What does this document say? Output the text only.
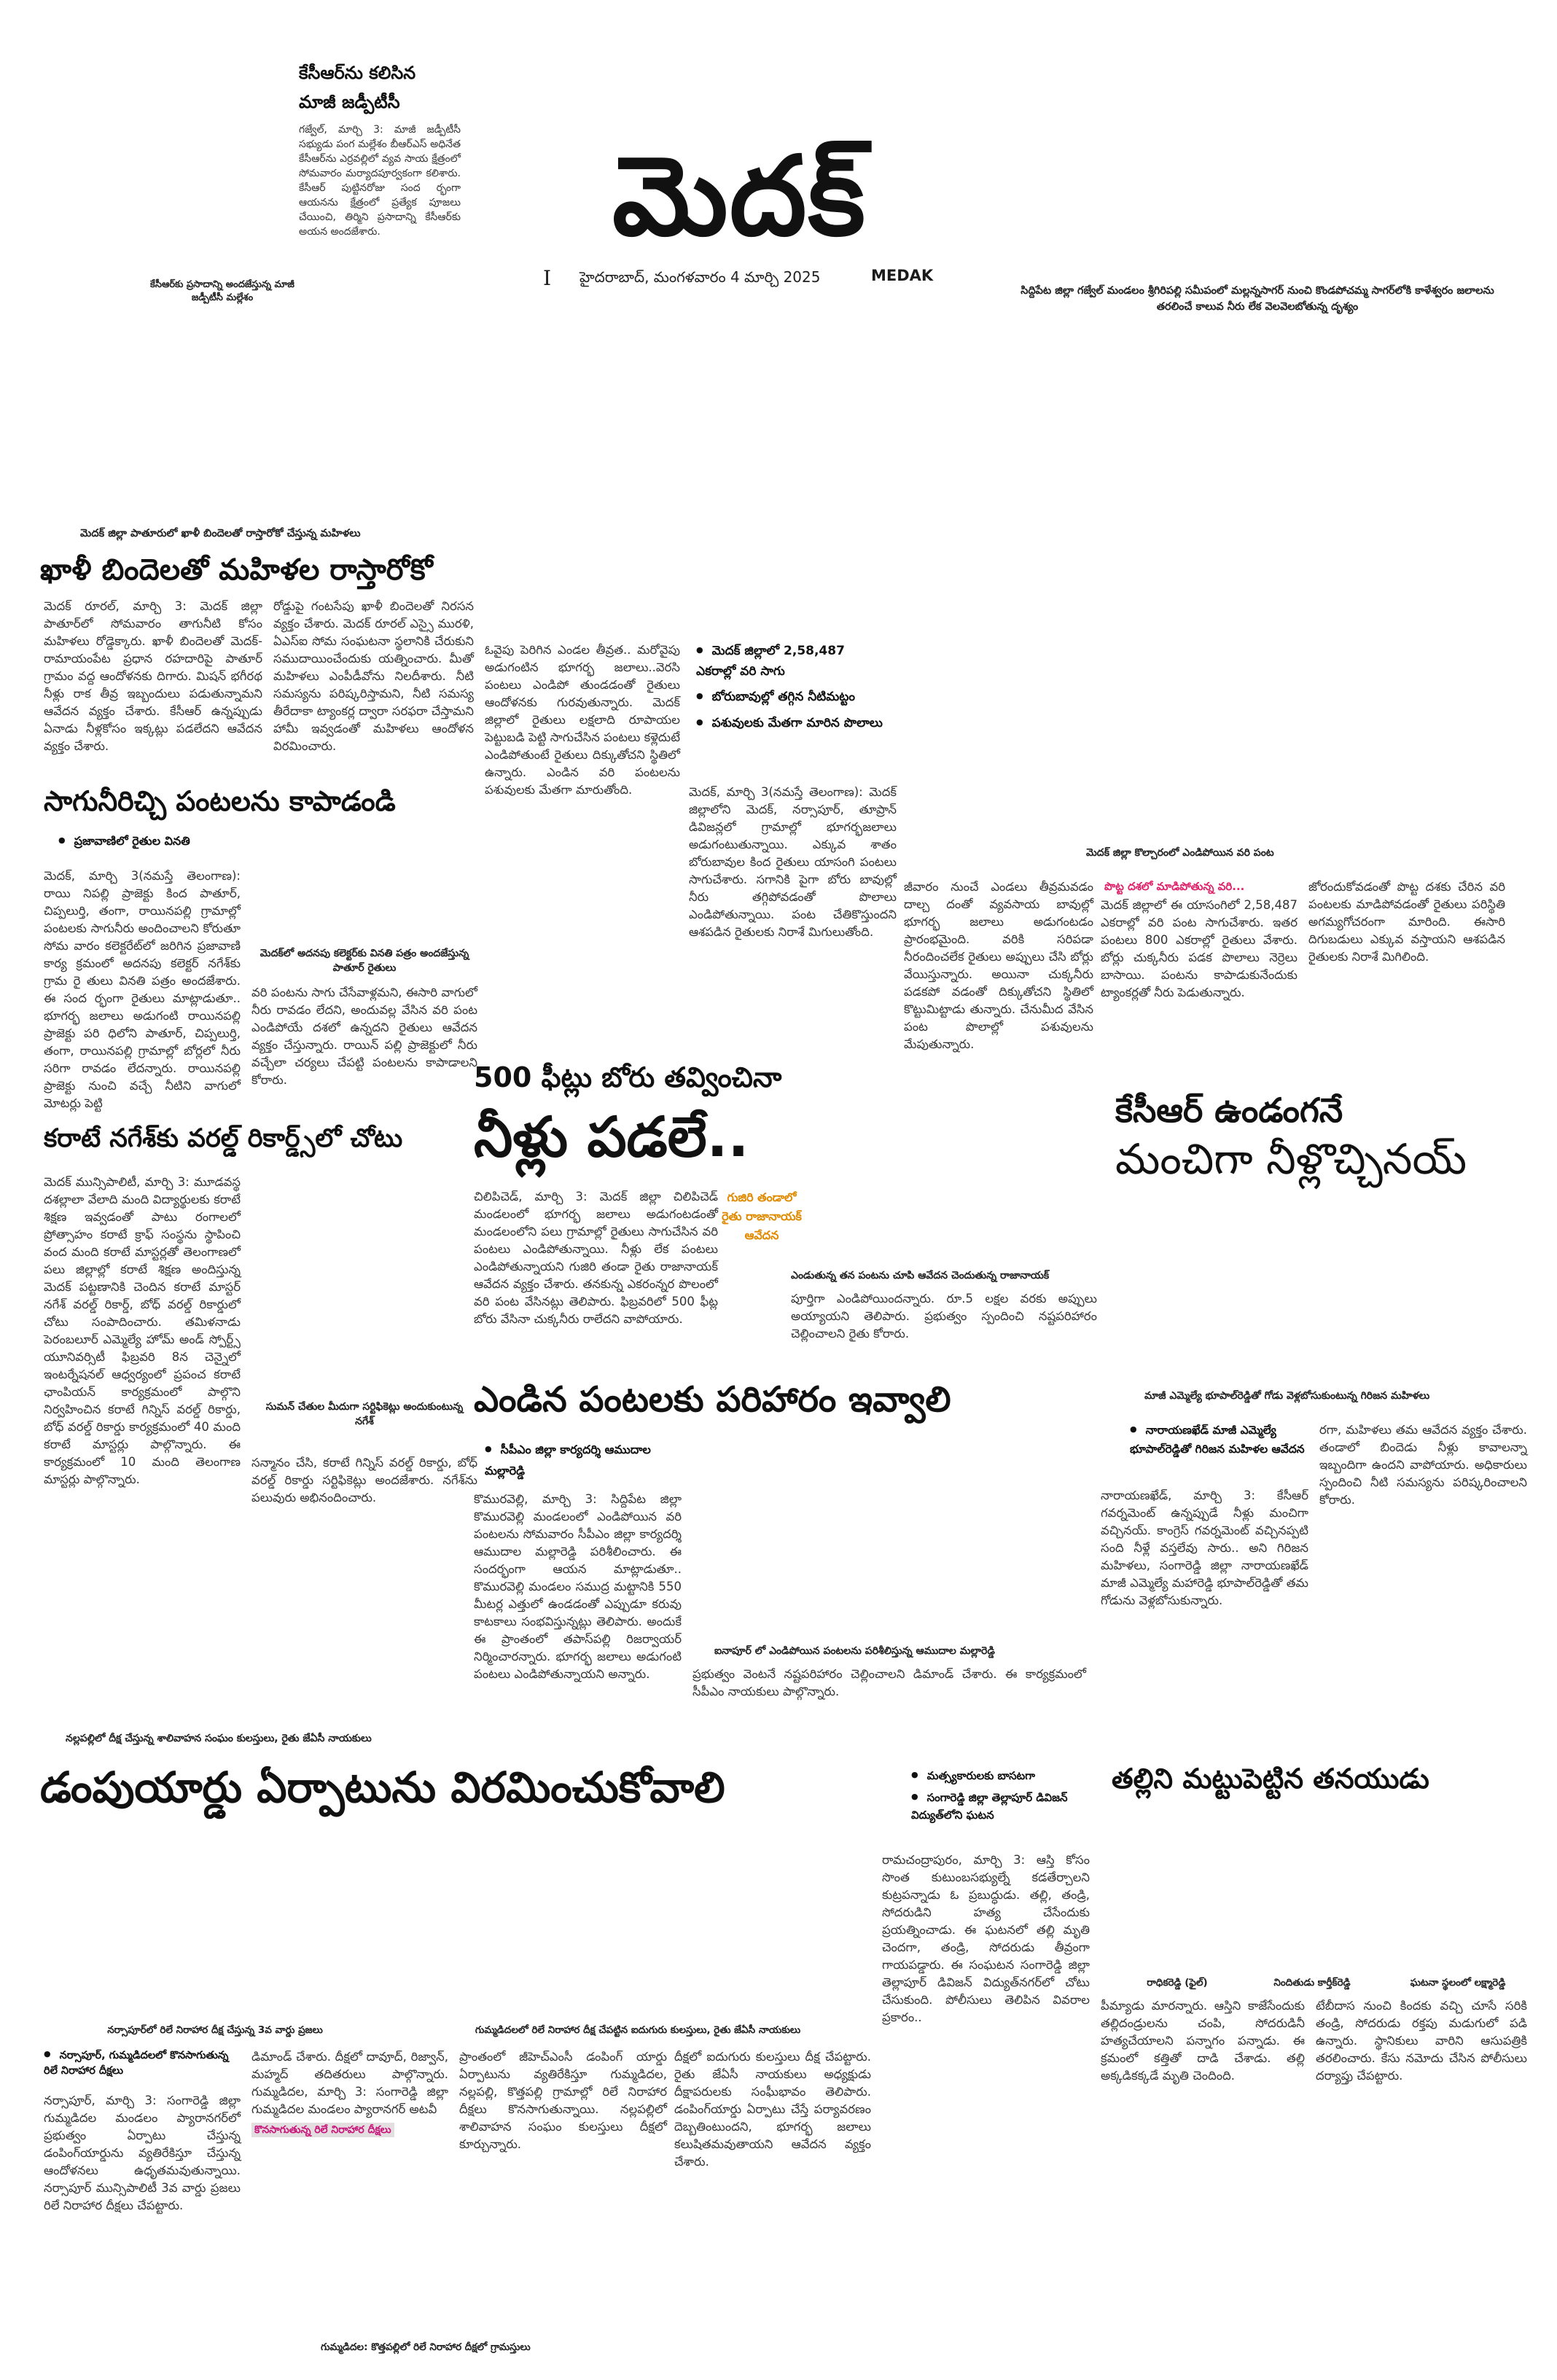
మెదక్
I హైదరాబాద్, మంగళవారం 4 మార్చి 2025	MEDAK
కేసీఆర్‌ను కలిసిన
మాజీ జడ్పీటీసీ
గజ్వేల్‌, మార్చి 3: మాజీ జడ్పీటీసీ సభ్యుడు పంగ మల్లేశం బీఆర్‌ఎస్‌ అధినేత కేసీఆర్‌ను ఎర్రవల్లిలో వ్యవ సాయ క్షేత్రంలో సోమవారం మర్యాదపూర్వకంగా కలిశారు. కేసీఆర్‌ పుట్టినరోజు సంద ర్భంగా ఆయనను క్షేత్రంలో ప్రత్యేక పూజలు చేయించి, తిర్మిని ప్రసాదాన్ని కేసీఆర్‌కు అయన అందజేశారు.
కేసీఆర్‌కు ప్రసాదాన్ని అందజేస్తున్న మాజీ జడ్పీటీసీ మల్లేశం
సిద్దిపేట జిల్లా గజ్వేల్‌ మండలం శ్రీగిరిపల్లి సమీపంలో మల్లన్నసాగర్‌ నుంచి కొండపోచమ్మ సాగర్‌లోకి కాళేశ్వరం జలాలను తరలించే కాలువ నీరు లేక వెలవెలబోతున్న దృశ్యం
మెదక్‌ జిల్లా పాతూరులో ఖాళీ బిందెలతో రాస్తారోకో చేస్తున్న మహిళలు
ఖాళీ బిందెలతో మహిళల రాస్తారోకో
మెదక్‌ రూరల్‌, మార్చి 3: మెదక్‌ జిల్లా పాతూర్‌లో సోమవారం తాగునీటి కోసం మహిళలు రోడ్డెక్కారు. ఖాళీ బిందెలతో మెదక్‌-రామాయంపేట ప్రధాన రహదారిపై పాతూర్‌ గ్రామం వద్ద ఆందోళనకు దిగారు. మిషన్‌ భగీరథ నీళ్లు రాక తీవ్ర ఇబ్బందులు పడుతున్నామని ఆవేదన వ్యక్తం చేశారు. కేసీఆర్‌ ఉన్నప్పుడు ఏనాడు నీళ్లకోసం ఇక్కట్లు పడలేదని ఆవేదన వ్యక్తం చేశారు.
రోడ్డుపై గంటసేపు ఖాళీ బిందెలతో నిరసన వ్యక్తం చేశారు. మెదక్‌ రూరల్‌ ఎస్సై మురళి, ఏఎస్‌ఐ సోమ సంఘటనా స్థలానికి చేరుకుని సముదాయించేందుకు యత్నించారు. మీతో మహిళలు ఎంపీడీవోను నిలదీశారు. నీటి సమస్యను పరిష్కరిస్తామని, నీటి సమస్య తీరేదాకా ట్యాంకర్ల ద్వారా సరఫరా చేస్తామని హామీ ఇవ్వడంతో మహిళలు ఆందోళన విరమించారు.
సాగునీరిచ్చి పంటలను కాపాడండి
● ప్రజావాణిలో రైతుల వినతి
మెదక్‌, మార్చి 3(నమస్తే తెలంగాణ): రాయి నిపల్లి ప్రాజెక్టు కింద పాతూర్‌, చిప్పలుర్తి, తంగా, రాయినపల్లి గ్రామాల్లో పంటలకు సాగునీరు అందించాలని కోరుతూ సోమ వారం కలెక్టరేట్‌లో జరిగిన ప్రజావాణి కార్య క్రమంలో అదనపు కలెక్టర్‌ నగేశ్‌కు గ్రామ రై తులు వినతి పత్రం అందజేశారు. ఈ సంద ర్భంగా రైతులు మాట్లాడుతూ.. భూగర్భ జలాలు అడుగంటి రాయినపల్లి ప్రాజెక్టు పరి ధిలోని పాతూర్‌, చిప్పలుర్తి, తంగా, రాయినపల్లి గ్రామాల్లో బోర్లలో నీరు సరిగా రావడం లేదన్నారు. రాయినపల్లి ప్రాజెక్టు నుంచి వచ్చే నీటిని వాగులో మోటర్లు పెట్టి
మెదక్‌లో అదనపు కలెక్టర్‌కు వినతి పత్రం అందజేస్తున్న పాతూర్‌ రైతులు
వరి పంటను సాగు చేసేవాళ్లమని, ఈసారి వాగులో నీరు రావడం లేదని, అందువల్ల వేసిన వరి పంట ఎండిపోయే దశలో ఉన్నదని రైతులు ఆవేదన వ్యక్తం చేస్తున్నారు. రాయిన్‌ పల్లి ప్రాజెక్టులో నీరు వచ్చేలా చర్యలు చేపట్టి పంటలను కాపాడాలని కోరారు.
కరాటే నగేశ్‌కు వరల్డ్‌ రికార్డ్స్‌లో చోటు
మెదక్‌ మున్సిపాలిటీ, మార్చి 3: మూడవస్థ దశల్లాలా వేలాది మంది విద్యార్థులకు కరాటే శిక్షణ ఇవ్వడంతో పాటు రంగాలలో ప్రోత్సాహం కరాటే క్రాఫ్‌ సంస్థను స్థాపించి వంద మంది కరాటే మాస్టర్లతో తెలంగాణలో పలు జిల్లాల్లో కరాటే శిక్షణ అందిస్తున్న మెదక్‌ పట్టణానికి చెందిన కరాటే మాస్టర్‌ నగేశ్‌ వరల్డ్‌ రికార్డ్‌, బోధ్‌ వరల్డ్‌ రికార్డులో చోటు సంపాదించారు. తమిళనాడు పెరంబలూర్‌ ఎమ్మెల్యే హోమ్‌ అండ్‌ స్పోర్ట్స్‌ యూనివర్సిటీ ఫిబ్రవరి 8న చెన్నైలో ఇంటర్నేషనల్‌ ఆధ్వర్యంలో ప్రపంచ కరాటే ఛాంపియన్‌ కార్యక్రమంలో పాల్గొని నిర్వహించిన కరాటే గిన్నిస్‌ వరల్డ్‌ రికార్డు, బోధ్‌ వరల్డ్‌ రికార్డు కార్యక్రమంలో 40 మంది కరాటే మాస్టర్లు పాల్గొన్నారు. ఈ కార్యక్రమంలో 10 మంది తెలంగాణ మాస్టర్లు పాల్గొన్నారు.
సుమన్‌ చేతుల మీదుగా సర్టిఫికెట్లు అందుకుంటున్న నగేశ్‌
సన్మానం చేసి, కరాటే గిన్నిస్‌ వరల్డ్‌ రికార్డు, బోధ్‌ వరల్డ్‌ రికార్డు సర్టిఫికెట్లు అందజేశారు. నగేశ్‌ను పలువురు అభినందించారు.
ఓవైపు పెరిగిన ఎండల తీవ్రత.. మరోవైపు అడుగంటిన భూగర్భ జలాలు..వెరసి పంటలు ఎండిపో తుండడంతో రైతులు ఆందోళనకు గురవుతున్నారు. మెదక్‌ జిల్లాలో రైతులు లక్షలాది రూపాయల పెట్టుబడి పెట్టి సాగుచేసిన పంటలు కళ్లెదుటే ఎండిపోతుంటే రైతులు దిక్కుతోచని స్థితిలో ఉన్నారు. ఎండిన వరి పంటలను పశువులకు మేతగా మారుతోంది.
● మెదక్‌ జిల్లాలో 2,58,487 ఎకరాల్లో వరి సాగు
● బోరుబావుల్లో తగ్గిన నీటిమట్టం
● పశువులకు మేతగా మారిన పొలాలు
మెదక్‌, మార్చి 3(నమస్తే తెలంగాణ): మెదక్‌ జిల్లాలోని మెదక్‌, నర్సాపూర్‌, తూప్రాన్‌ డివిజన్లలో గ్రామాల్లో భూగర్భజలాలు అడుగంటుతున్నాయి. ఎక్కువ శాతం బోరుబావుల కింద రైతులు యాసంగి పంటలు సాగుచేశారు. సగానికి పైగా బోరు బావుల్లో నీరు తగ్గిపోవడంతో పొలాలు ఎండిపోతున్నాయి. పంట చేతికొస్తుందని ఆశపడిన రైతులకు నిరాశే మిగులుతోంది.
జీవారం నుంచే ఎండలు తీవ్రమవడం దాల్చ దంతో వ్యవసాయ బావుల్లో భూగర్భ జలాలు అడుగంటడం ప్రారంభమైంది. వరికి సరిపడా నీరందించలేక రైతులు అప్పులు చేసి బోర్లు వేయిస్తున్నారు. అయినా చుక్కనీరు పడకపో వడంతో దిక్కుతోచని స్థితిలో కొట్టుమిట్టాడు తున్నారు. చేనుమీద వేసిన పంట పొలాల్లో పశువులను మేపుతున్నారు.
మెదక్‌ జిల్లా కొల్చారంలో ఎండిపోయిన వరి పంట
పొట్ట దశలో మాడిపోతున్న వరి...
మెదక్‌ జిల్లాలో ఈ యాసంగిలో 2,58,487 ఎకరాల్లో వరి పంట సాగుచేశారు. ఇతర పంటలు 800 ఎకరాల్లో రైతులు వేశారు. బోర్లు చుక్కనీరు పడక పొలాలు నెర్రెలు బాసాయి. పంటను కాపాడుకునేందుకు ట్యాంకర్లతో నీరు పెడుతున్నారు.
జోరందుకోవడంతో పొట్ట దశకు చేరిన వరి పంటలకు మాడిపోవడంతో రైతులు పరిస్థితి అగమ్యగోచరంగా మారింది. ఈసారి దిగుబడులు ఎక్కువ వస్తాయని ఆశపడిన రైతులకు నిరాశే మిగిలింది.
500 ఫీట్లు బోరు తవ్వించినా
నీళ్లు పడలే..
గుజిరి తండాలో రైతు రాజానాయక్‌ ఆవేదన
చిలిపిచెడ్‌, మార్చి 3: మెదక్‌ జిల్లా చిలిపిచెడ్‌ మండలంలో భూగర్భ జలాలు అడుగంటడంతో మండలంలోని పలు గ్రామాల్లో రైతులు సాగుచేసిన వరి పంటలు ఎండిపోతున్నాయి. నీళ్లు లేక పంటలు ఎండిపోతున్నాయని గుజిరి తండా రైతు రాజానాయక్‌ ఆవేదన వ్యక్తం చేశారు. తనకున్న ఎకరంన్నర పొలంలో వరి పంట వేసినట్లు తెలిపారు. ఫిబ్రవరిలో 500 ఫీట్ల బోరు వేసినా చుక్కనీరు రాలేదని వాపోయారు.
ఎండుతున్న తన పంటను చూపి ఆవేదన చెందుతున్న రాజానాయక్‌
పూర్తిగా ఎండిపోయిందన్నారు. రూ.5 లక్షల వరకు అప్పులు అయ్యాయని తెలిపారు. ప్రభుత్వం స్పందించి నష్టపరిహారం చెల్లించాలని రైతు కోరారు.
కేసీఆర్‌ ఉండంగనే
మంచిగా నీళ్లొచ్చినయ్‌
ఎండిన పంటలకు పరిహారం ఇవ్వాలి
● సీపీఎం జిల్లా కార్యదర్శి ఆముదాల మల్లారెడ్డి
కొమురవెల్లి, మార్చి 3: సిద్దిపేట జిల్లా కొమురవెల్లి మండలంలో ఎండిపోయిన వరి పంటలను సోమవారం సీపీఎం జిల్లా కార్యదర్శి ఆముదాల మల్లారెడ్డి పరిశీలించారు. ఈ సందర్భంగా ఆయన మాట్లాడుతూ.. కొమురవెల్లి మండలం సముద్ర మట్టానికి 550 మీటర్ల ఎత్తులో ఉండడంతో ఎప్పుడూ కరువు కాటకాలు సంభవిస్తున్నట్లు తెలిపారు. అందుకే ఈ ప్రాంతంలో తపాస్‌పల్లి రిజర్వాయర్‌ నిర్మించారన్నారు. భూగర్భ జలాలు అడుగంటి పంటలు ఎండిపోతున్నాయని అన్నారు.
ఐనాపూర్‌ లో ఎండిపోయిన పంటలను పరిశీలిస్తున్న ఆముదాల మల్లారెడ్డి
ప్రభుత్వం వెంటనే నష్టపరిహారం చెల్లించాలని డిమాండ్‌ చేశారు. ఈ కార్యక్రమంలో సీపీఎం నాయకులు పాల్గొన్నారు.
మాజీ ఎమ్మెల్యే భూపాల్‌రెడ్డితో గోడు వెళ్లబోసుకుంటున్న గిరిజన మహిళలు
● నారాయణఖేడ్‌ మాజీ ఎమ్మెల్యే భూపాల్‌రెడ్డితో గిరిజన మహిళల ఆవేదన
నారాయణఖేడ్‌, మార్చి 3: కేసీఆర్‌ గవర్నమెంట్‌ ఉన్నప్పుడే నీళ్లు మంచిగా వచ్చినయ్‌. కాంగ్రెస్‌ గవర్నమెంట్‌ వచ్చినప్పటి సంది నీళ్లే వస్తలేవు సారు.. అని గిరిజన మహిళలు, సంగారెడ్డి జిల్లా నారాయణఖేడ్‌ మాజీ ఎమ్మెల్యే మహారెడ్డి భూపాల్‌రెడ్డితో తమ గోడును వెళ్లబోసుకున్నారు.
రగా, మహిళలు తమ ఆవేదన వ్యక్తం చేశారు. తండాలో బిందెడు నీళ్లు కావాలన్నా ఇబ్బందిగా ఉందని వాపోయారు. అధికారులు స్పందించి నీటి సమస్యను పరిష్కరించాలని కోరారు.
నల్లపల్లిలో దీక్ష చేస్తున్న శాలివాహన సంఘం కులస్తులు, రైతు జేఏసీ నాయకులు
డంపుయార్డు ఏర్పాటును విరమించుకోవాలి
●	మత్స్యకారులకు బాసటగా
● సంగారెడ్డి జిల్లా తెల్లాపూర్‌ డివిజన్‌ విద్యుత్‌లోని ఘటన
నర్సాపూర్‌లో రిలే నిరాహార దీక్ష చేస్తున్న 3వ వార్డు ప్రజలు	గుమ్మడిదలలో రిలే నిరాహార దీక్ష చేపట్టిన ఐదుగురు కులస్తులు, రైతు జేఏసీ నాయకులు
● నర్సాపూర్‌, గుమ్మడిదలలో కొనసాగుతున్న రిలే నిరాహార దీక్షలు
నర్సాపూర్‌, మార్చి 3: సంగారెడ్డి జిల్లా గుమ్మడిదల మండలం ప్యారానగర్‌లో ప్రభుత్వం ఏర్పాటు చేస్తున్న డంపింగ్‌యార్డును వ్యతిరేకిస్తూ చేస్తున్న ఆందోళనలు ఉధృతమవుతున్నాయి. నర్సాపూర్‌ మున్సిపాలిటీ 3వ వార్డు ప్రజలు రిలే నిరాహార దీక్షలు చేపట్టారు.
డిమాండ్‌ చేశారు. దీక్షలో దావూద్‌, రిజ్వాన్‌, మహ్మద్‌ తదితరులు పాల్గొన్నారు. గుమ్మడిదల, మార్చి 3: సంగారెడ్డి జిల్లా గుమ్మడిదల మండలం ప్యారానగర్‌ అటవీ
కొనసాగుతున్న రిలే నిరాహార దీక్షలు
ప్రాంతంలో జీహెచ్‌ఎంసీ డంపింగ్‌ యార్డు ఏర్పాటును వ్యతిరేకిస్తూ గుమ్మడిదల, నల్లపల్లి, కొత్తపల్లి గ్రామాల్లో రిలే నిరాహార దీక్షలు కొనసాగుతున్నాయి. నల్లపల్లిలో శాలివాహన సంఘం కులస్తులు దీక్షలో కూర్చున్నారు.
దీక్షలో ఐదుగురు కులస్తులు దీక్ష చేపట్టారు. రైతు జేఏసీ నాయకులు అధ్యక్షుడు దీక్షాపరులకు సంఘీభావం తెలిపారు. డంపింగ్‌యార్డు ఏర్పాటు చేస్తే పర్యావరణం దెబ్బతింటుందని, భూగర్భ జలాలు కలుషితమవుతాయని ఆవేదన వ్యక్తం చేశారు.
గుమ్మడిదల: కొత్తపల్లిలో రిలే నిరాహార దీక్షలో గ్రామస్తులు
తల్లిని మట్టుపెట్టిన తనయుడు
రామచంద్రాపురం, మార్చి 3: ఆస్తి కోసం సొంత కుటుంబసభ్యుల్నే కడతేర్చాలని కుట్రపన్నాడు ఓ ప్రబుద్ధుడు. తల్లి, తండ్రి, సోదరుడిని హత్య చేసేందుకు ప్రయత్నించాడు. ఈ ఘటనలో తల్లి మృతి చెందగా, తండ్రి, సోదరుడు తీవ్రంగా గాయపడ్డారు. ఈ సంఘటన సంగారెడ్డి జిల్లా తెల్లాపూర్‌ డివిజన్‌ విద్యుత్‌నగర్‌లో చోటు చేసుకుంది. పోలీసులు తెలిపిన వివరాల ప్రకారం..
రాధికరెడ్డి (ఫైల్‌)	నిందితుడు కార్తీక్‌రెడ్డి	ఘటనా స్థలంలో లక్ష్మారెడ్డి
పీమ్యాడు మారన్నారు. ఆస్తిని కాజేసేందుకు తల్లిదండ్రులను చంపి, సోదరుడినీ హత్యచేయాలని పన్నాగం పన్నాడు. ఈ క్రమంలో కత్తితో దాడి చేశాడు. తల్లి అక్కడికక్కడే మృతి చెందింది.
టేబీదాస నుంచి కిందకు వచ్చి చూసే సరికి తండ్రి, సోదరుడు రక్తపు మడుగులో పడి ఉన్నారు. స్థానికులు వారిని ఆసుపత్రికి తరలించారు. కేసు నమోదు చేసిన పోలీసులు దర్యాప్తు చేపట్టారు.
